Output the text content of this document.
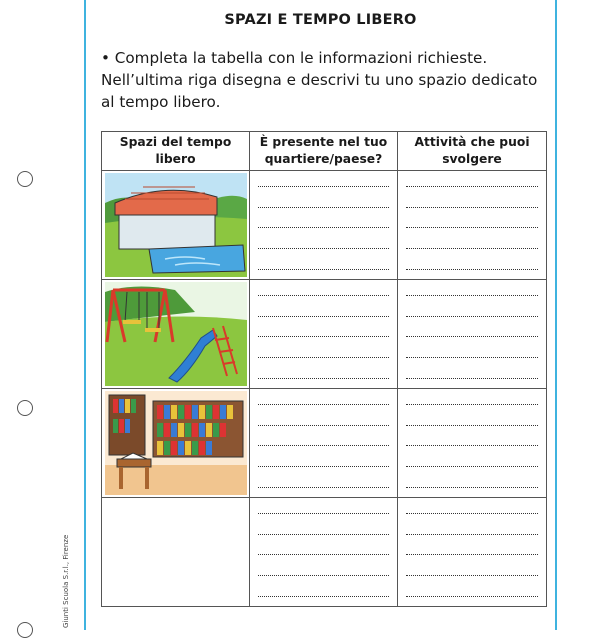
Giunti Scuola S.r.l., Firenze
SPAZI E TEMPO LIBERO
• Completa la tabella con le informazioni richieste. Nell’ultima riga disegna e descrivi tu uno spazio dedicato al tempo libero.
Spazi del tempo libero	È presente nel tuo quartiere/paese?	Attività che puoi svolgere
